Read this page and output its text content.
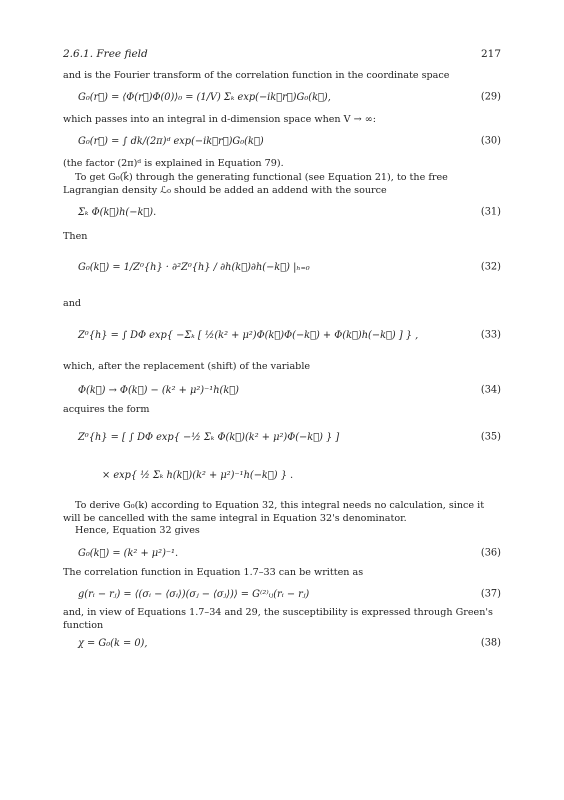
2.6.1. Free field	217
and is the Fourier transform of the correlation function in the coordinate space
G₀(r⃗) = ⟨Φ(r⃗)Φ(0)⟩₀ = (1/V) Σₖ exp(−ik⃗r⃗)G₀(k⃗),	(29)
which passes into an integral in d-dimension space when V → ∞:
G₀(r⃗) = ∫ dk/(2π)ᵈ exp(−ik⃗r⃗)G₀(k⃗)	(30)
(the factor (2π)ᵈ is explained in Equation 79).
To get G₀(k⃗) through the generating functional (see Equation 21), to the free Lagrangian density ℒ₀ should be added an addend with the source
Σₖ Φ(k⃗)h(−k⃗).	(31)
Then
G₀(k⃗) = 1/Z⁰{h} · ∂²Z⁰{h} / ∂h(k⃗)∂h(−k⃗) |ₕ₌₀	(32)
and
Z⁰{h} = ∫ DΦ exp{ −Σₖ [ ½(k² + μ²)Φ(k⃗)Φ(−k⃗) + Φ(k⃗)h(−k⃗) ] } ,	(33)
which, after the replacement (shift) of the variable
Φ(k⃗) → Φ(k⃗) − (k² + μ²)⁻¹h(k⃗)	(34)
acquires the form
Z⁰{h} = [ ∫ DΦ exp{ −½ Σₖ Φ(k⃗)(k² + μ²)Φ(−k⃗) } ]	(35)
× exp{ ½ Σₖ h(k⃗)(k² + μ²)⁻¹h(−k⃗) } .
To derive G₀(k) according to Equation 32, this integral needs no calculation, since it will be cancelled with the same integral in Equation 32's denominator.
Hence, Equation 32 gives
G₀(k⃗) = (k² + μ²)⁻¹.	(36)
The correlation function in Equation 1.7–33 can be written as
g(rᵢ − rⱼ) = ⟨(σᵢ − ⟨σᵢ⟩)(σⱼ − ⟨σⱼ⟩)⟩ = G⁽²⁾ᵢⱼ(rᵢ − rⱼ)	(37)
and, in view of Equations 1.7–34 and 29, the susceptibility is expressed through Green's function
χ = G₀(k = 0),	(38)
